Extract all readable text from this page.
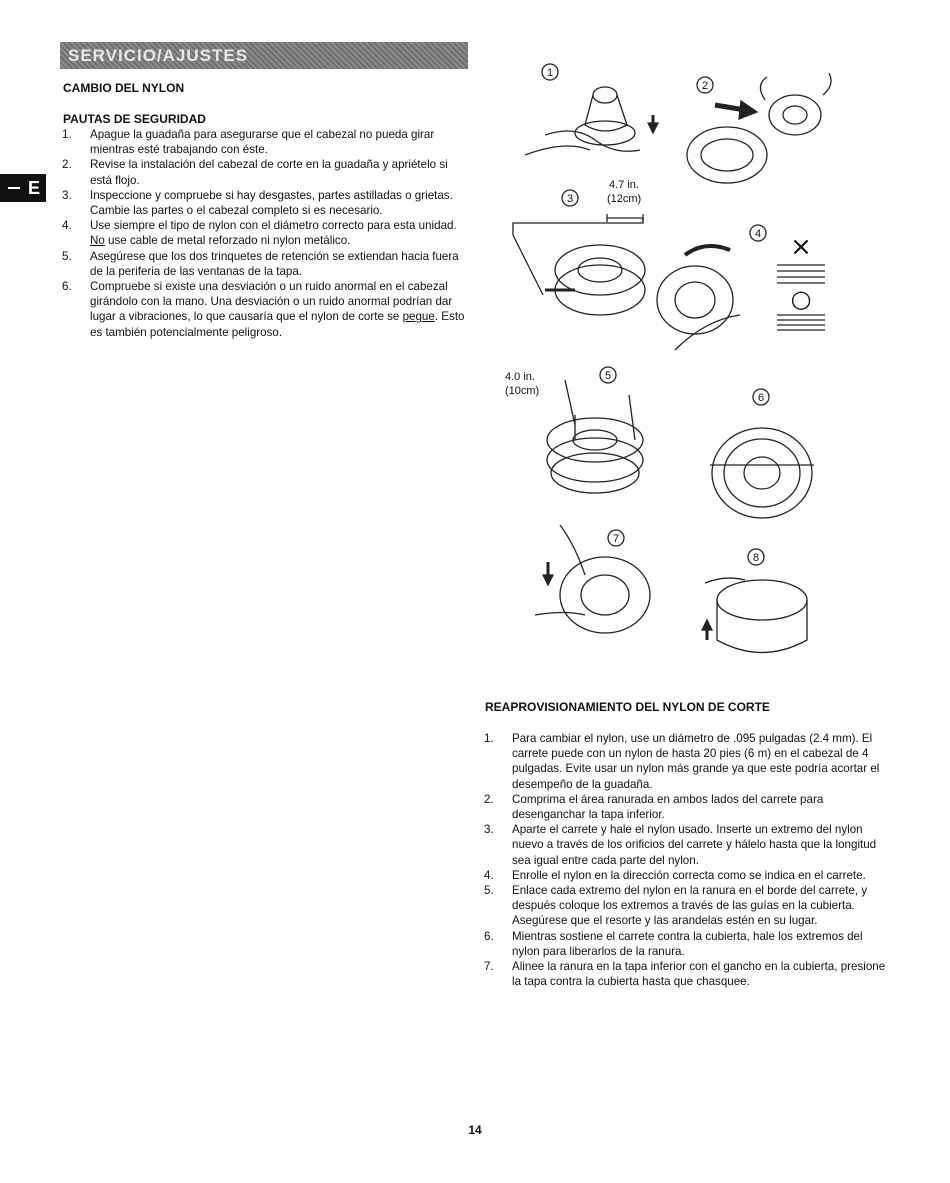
SERVICIO/AJUSTES
E
CAMBIO DEL NYLON
PAUTAS DE SEGURIDAD
1. Apague la guadaña para asegurarse que el cabezal no pueda girar mientras esté trabajando con éste.
2. Revise la instalación del cabezal de corte en la guadaña y apriételo si está flojo.
3. Inspeccione y compruebe si hay desgastes, partes astilladas o grietas. Cambie las partes o el cabezal completo si es necesario.
4. Use siempre el tipo de nylon con el diámetro correcto para esta unidad. No use cable de metal reforzado ni nylon metálico.
5. Asegúrese que los dos trinquetes de retención se extiendan hacia fuera de la periferia de las ventanas de la tapa.
6. Compruebe si existe una desviación o un ruido anormal en el cabezal girándolo con la mano. Una desviación o un ruido anormal podrían dar lugar a vibraciones, lo que causaría que el nylon de corte se pegue. Esto es también potencialmente peligroso.
1
2
3
4
5
6
7
8
4.7 in.
(12cm)
4.0 in.
(10cm)
×
○
REAPROVISIONAMIENTO DEL NYLON DE CORTE
1. Para cambiar el nylon, use un diámetro de .095 pulgadas (2.4 mm). El carrete puede con un nylon de hasta 20 pies (6 m) en el cabezal de 4 pulgadas. Evite usar un nylon más grande ya que este podría acortar el desempeño de la guadaña.
2. Comprima el área ranurada en ambos lados del carrete para desenganchar la tapa inferior.
3. Aparte el carrete y hale el nylon usado. Inserte un extremo del nylon nuevo a través de los orificios del carrete y hálelo hasta que la longitud sea igual entre cada parte del nylon.
4. Enrolle el nylon en la dirección correcta como se indica en el carrete.
5. Enlace cada extremo del nylon en la ranura en el borde del carrete, y después coloque los extremos a través de las guías en la cubierta. Asegúrese que el resorte y las arandelas estén en su lugar.
6. Mientras sostiene el carrete contra la cubierta, hale los extremos del nylon para liberarlos de la ranura.
7. Alinee la ranura en la tapa inferior con el gancho en la cubierta, presione la tapa contra la cubierta hasta que chasquee.
14
